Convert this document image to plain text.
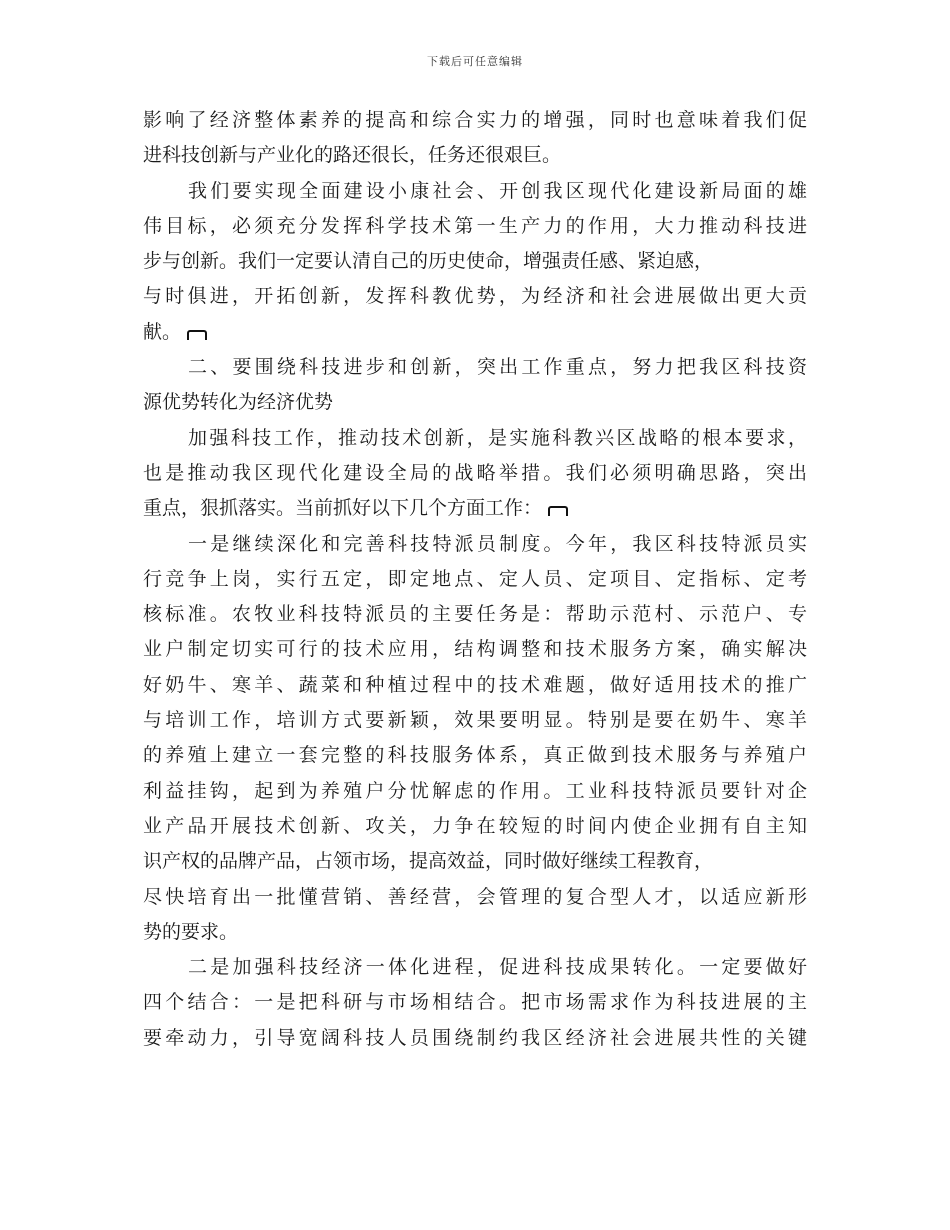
下载后可任意编辑
影响了经济整体素养的提高和综合实力的增强，同时也意味着我们促
进科技创新与产业化的路还很长，任务还很艰巨。
我们要实现全面建设小康社会、开创我区现代化建设新局面的雄
伟目标，必须充分发挥科学技术第一生产力的作用，大力推动科技进
步与创新。我们一定要认清自己的历史使命，增强责任感、紧迫感，
与时俱进，开拓创新，发挥科教优势，为经济和社会进展做出更大贡
献。
二、要围绕科技进步和创新，突出工作重点，努力把我区科技资
源优势转化为经济优势
加强科技工作，推动技术创新，是实施科教兴区战略的根本要求，
也是推动我区现代化建设全局的战略举措。我们必须明确思路，突出
重点，狠抓落实。当前抓好以下几个方面工作：
一是继续深化和完善科技特派员制度。今年，我区科技特派员实
行竞争上岗，实行五定，即定地点、定人员、定项目、定指标、定考
核标准。农牧业科技特派员的主要任务是：帮助示范村、示范户、专
业户制定切实可行的技术应用，结构调整和技术服务方案，确实解决
好奶牛、寒羊、蔬菜和种植过程中的技术难题，做好适用技术的推广
与培训工作，培训方式要新颖，效果要明显。特别是要在奶牛、寒羊
的养殖上建立一套完整的科技服务体系，真正做到技术服务与养殖户
利益挂钩，起到为养殖户分忧解虑的作用。工业科技特派员要针对企
业产品开展技术创新、攻关，力争在较短的时间内使企业拥有自主知
识产权的品牌产品，占领市场，提高效益，同时做好继续工程教育，
尽快培育出一批懂营销、善经营，会管理的复合型人才，以适应新形
势的要求。
二是加强科技经济一体化进程，促进科技成果转化。一定要做好
四个结合：一是把科研与市场相结合。把市场需求作为科技进展的主
要牵动力，引导宽阔科技人员围绕制约我区经济社会进展共性的关键
